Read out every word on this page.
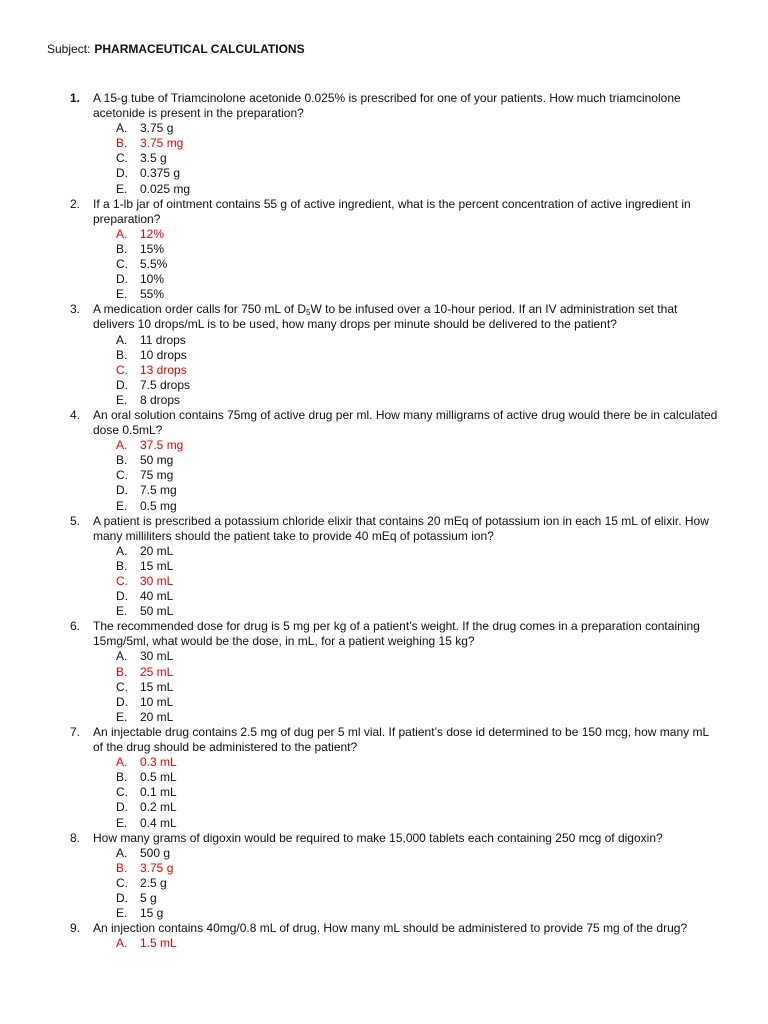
Subject: PHARMACEUTICAL CALCULATIONS
1.	A 15-g tube of Triamcinolone acetonide 0.025% is prescribed for one of your patients. How much triamcinolone acetonide is present in the preparation?
A. 3.75 g
B. 3.75 mg
C. 3.5 g
D. 0.375 g
E. 0.025 mg
2.	If a 1-lb jar of ointment contains 55 g of active ingredient, what is the percent concentration of active ingredient in preparation?
A. 12%
B. 15%
C. 5.5%
D. 10%
E. 55%
3.	A medication order calls for 750 mL of $D_5W$ to be infused over a 10-hour period. If an IV administration set that delivers 10 drops/mL is to be used, how many drops per minute should be delivered to the patient?
A. 11 drops
B. 10 drops
C. 13 drops
D. 7.5 drops
E. 8 drops
4.	An oral solution contains 75mg of active drug per ml. How many milligrams of active drug would there be in calculated dose 0.5mL?
A. 37.5 mg
B. 50 mg
C. 75 mg
D. 7.5 mg
E. 0.5 mg
5.	A patient is prescribed a potassium chloride elixir that contains 20 mEq of potassium ion in each 15 mL of elixir. How many milliliters should the patient take to provide 40 mEq of potassium ion?
A. 20 mL
B. 15 mL
C. 30 mL
D. 40 mL
E. 50 mL
6.	The recommended dose for drug is 5 mg per kg of a patient’s weight. If the drug comes in a preparation containing 15mg/5ml, what would be the dose, in mL, for a patient weighing 15 kg?
A. 30 mL
B. 25 mL
C. 15 mL
D. 10 mL
E. 20 mL
7.	An injectable drug contains 2.5 mg of dug per 5 ml vial. If patient’s dose id determined to be 150 mcg, how many mL of the drug should be administered to the patient?
A. 0.3 mL
B. 0.5 mL
C. 0.1 mL
D. 0.2 mL
E. 0.4 mL
8.	How many grams of digoxin would be required to make 15,000 tablets each containing 250 mcg of digoxin?
A. 500 g
B. 3.75 g
C. 2.5 g
D. 5 g
E. 15 g
9.	An injection contains 40mg/0.8 mL of drug. How many mL should be administered to provide 75 mg of the drug?
A. 1.5 mL
